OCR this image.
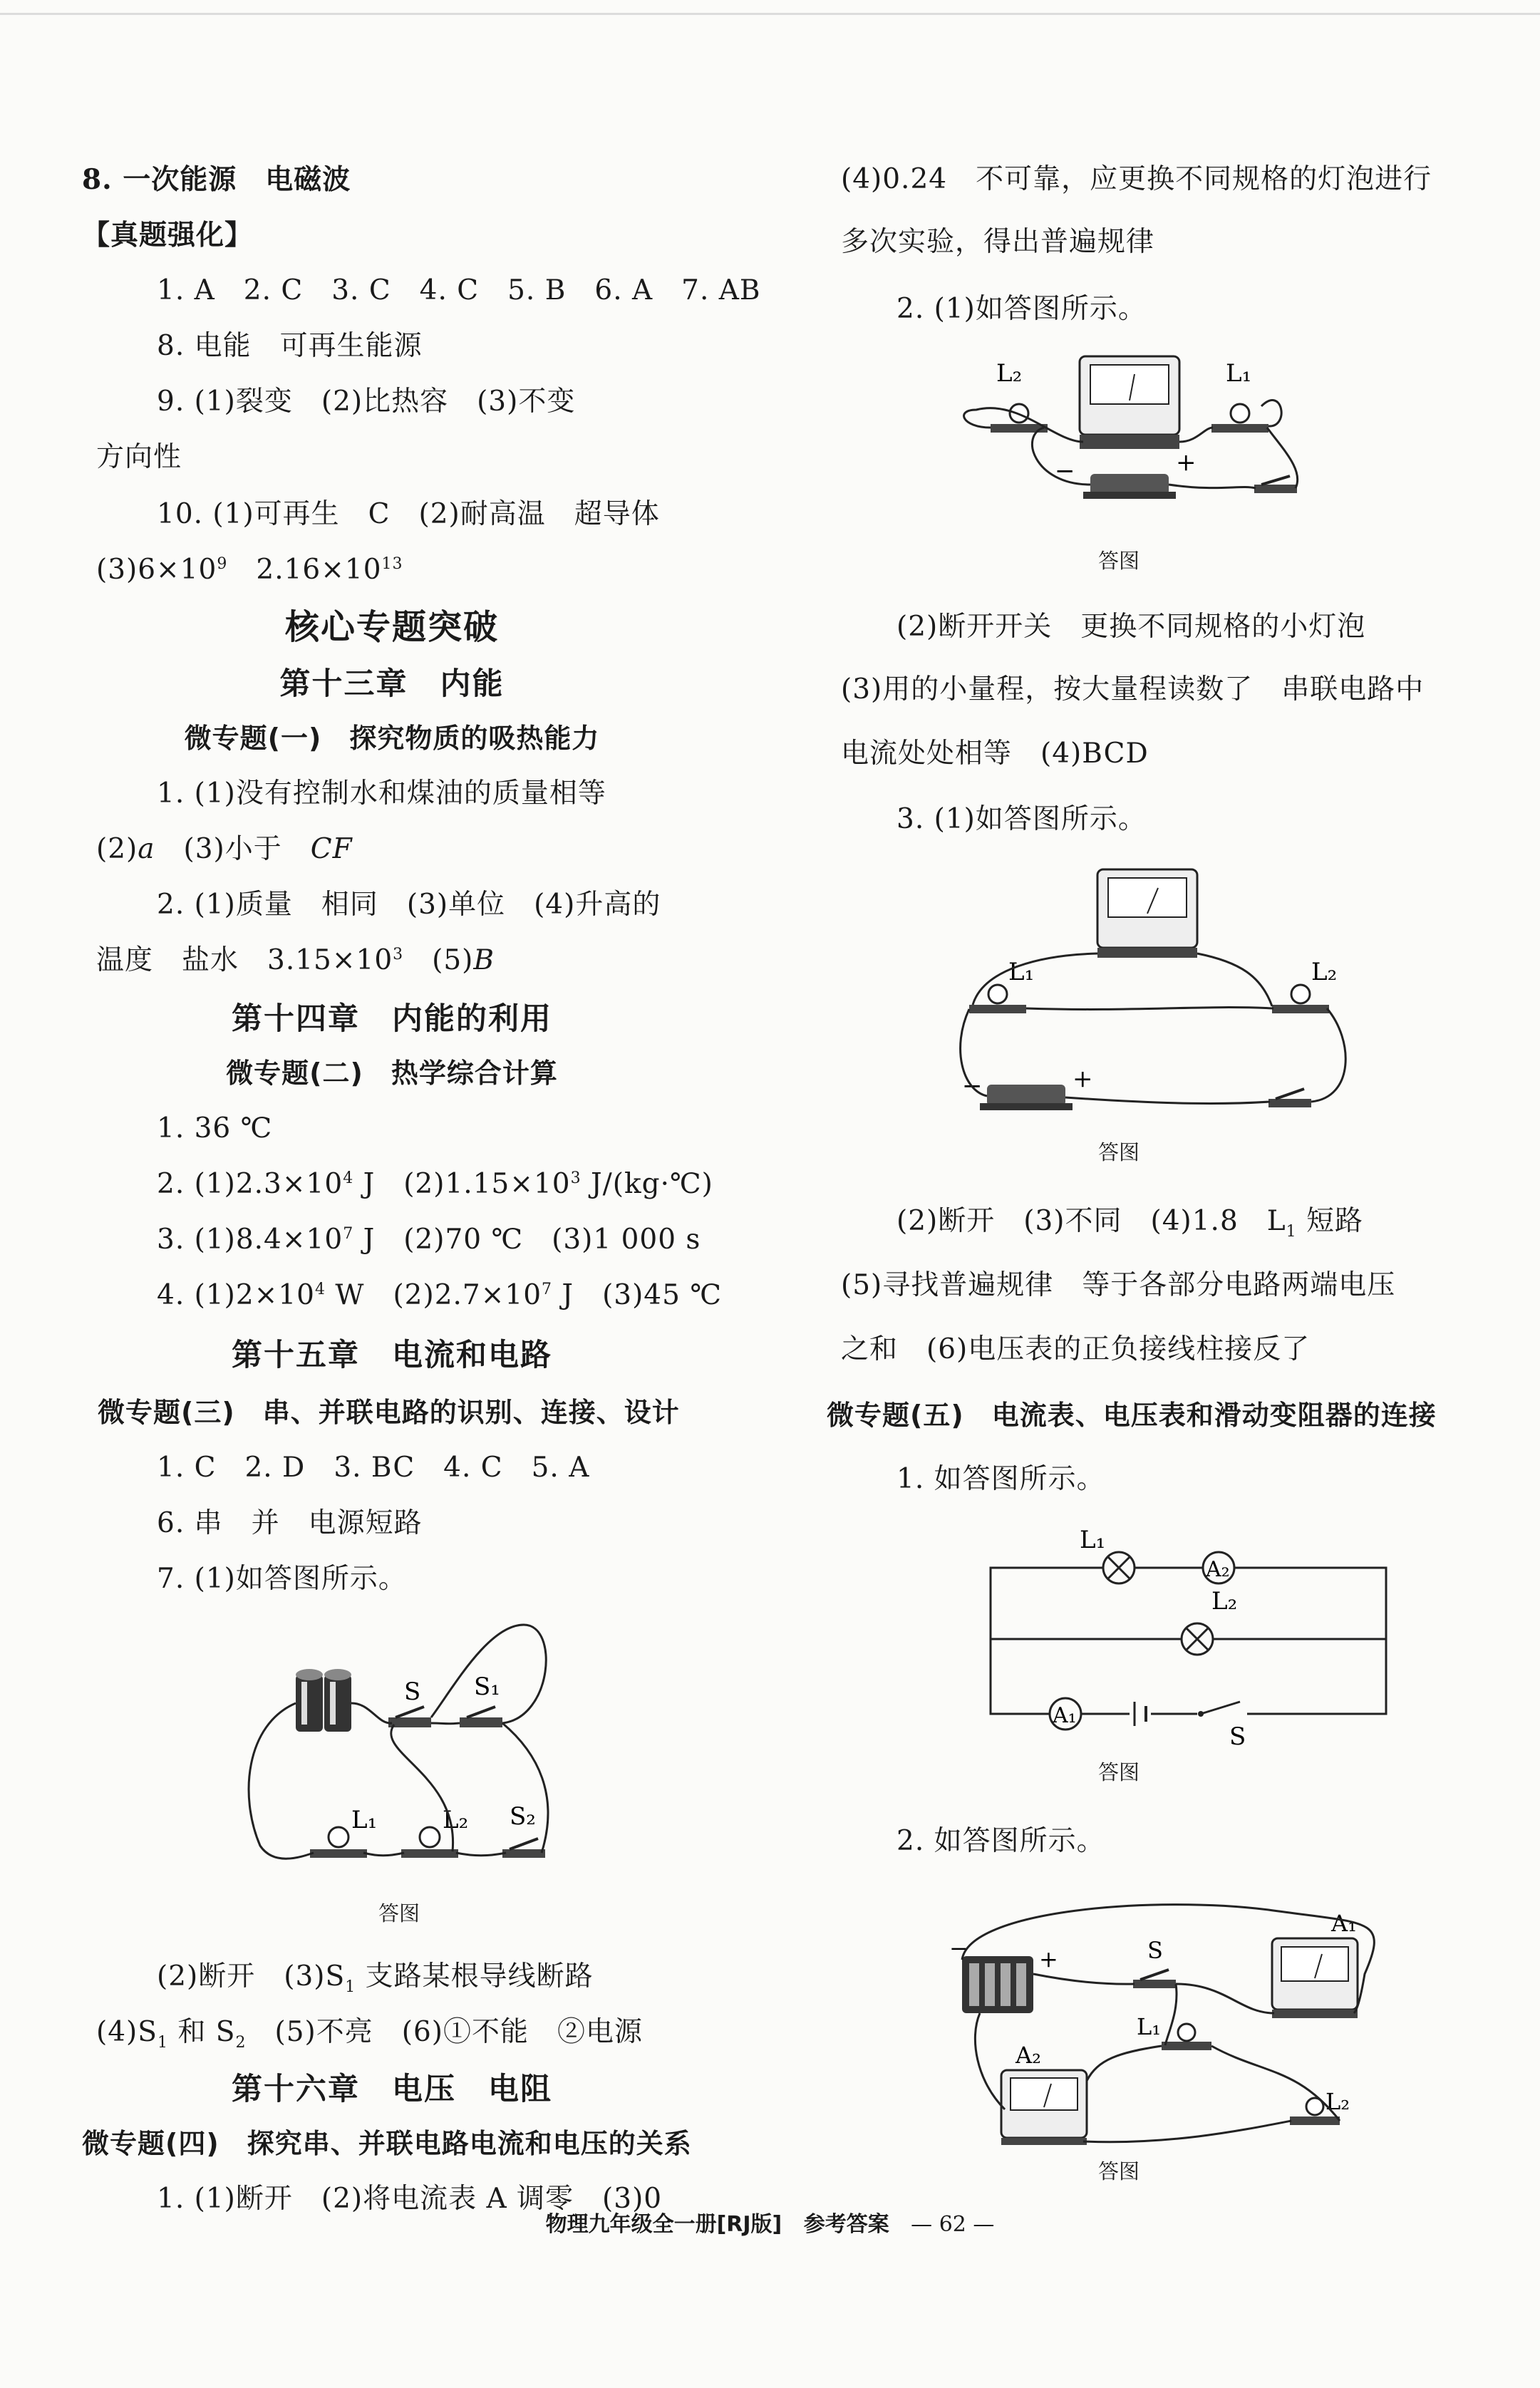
8. 一次能源　电磁波
【真题强化】
1. A　2. C　3. C　4. C　5. B　6. A　7. AB
8. 电能　可再生能源
9. (1)裂变　(2)比热容　(3)不变
方向性
10. (1)可再生　C　(2)耐高温　超导体
$(3)6\times 10^9$　$2.16\times 10^{13}$
核心专题突破
第十三章　内能
微专题(一)　探究物质的吸热能力
1. (1)没有控制水和煤油的质量相等
(2)a　(3)小于　CF
2. (1)质量　相同　(3)单位　(4)升高的
温度　盐水　$3.15\times 10^3$　(5)B
第十四章　内能的利用
微专题(二)　热学综合计算
1. 36 ℃
2. $(1)2.3\times 10^4$ J　$(2)1.15\times 10^3$ J/(kg·℃)
3. $(1)8.4\times 10^7$ J　(2)70 ℃　(3)1 000 s
4. $(1)2\times 10^4$ W　$(2)2.7\times 10^7$ J　(3)45 ℃
第十五章　电流和电路
微专题(三)　串、并联电路的识别、连接、设计
1. C　2. D　3. BC　4. C　5. A
6. 串　并　电源短路
7. (1)如答图所示。
S S₁
L₁	L₂ S₂
答图
(2)断开　$(3)S_1$ 支路某根导线断路
$(4)S_1$ 和 $S_2$　(5)不亮　(6)①不能　②电源
第十六章　电压　电阻
微专题(四)　探究串、并联电路电流和电压的关系
1. (1)断开　(2)将电流表 A 调零　(3)0
(4)0.24　不可靠，应更换不同规格的灯泡进行
多次实验，得出普遍规律
2. (1)如答图所示。
L₂	L₁
−	+
答图
(2)断开开关　更换不同规格的小灯泡
(3)用的小量程，按大量程读数了　串联电路中
电流处处相等　(4)BCD
3. (1)如答图所示。
L₁	L₂
−	+
答图
(2)断开　(3)不同　(4)1.8　$L_1$ 短路
(5)寻找普遍规律　等于各部分电路两端电压
之和　(6)电压表的正负接线柱接反了
微专题(五)　电流表、电压表和滑动变阻器的连接
1. 如答图所示。
L₁
A₂
L₂
A₁
S
答图
2. 如答图所示。
−	+	S
A₁
L₁
A₂
L₂
答图
物理九年级全一册[RJ版] 参考答案 — 62 —
